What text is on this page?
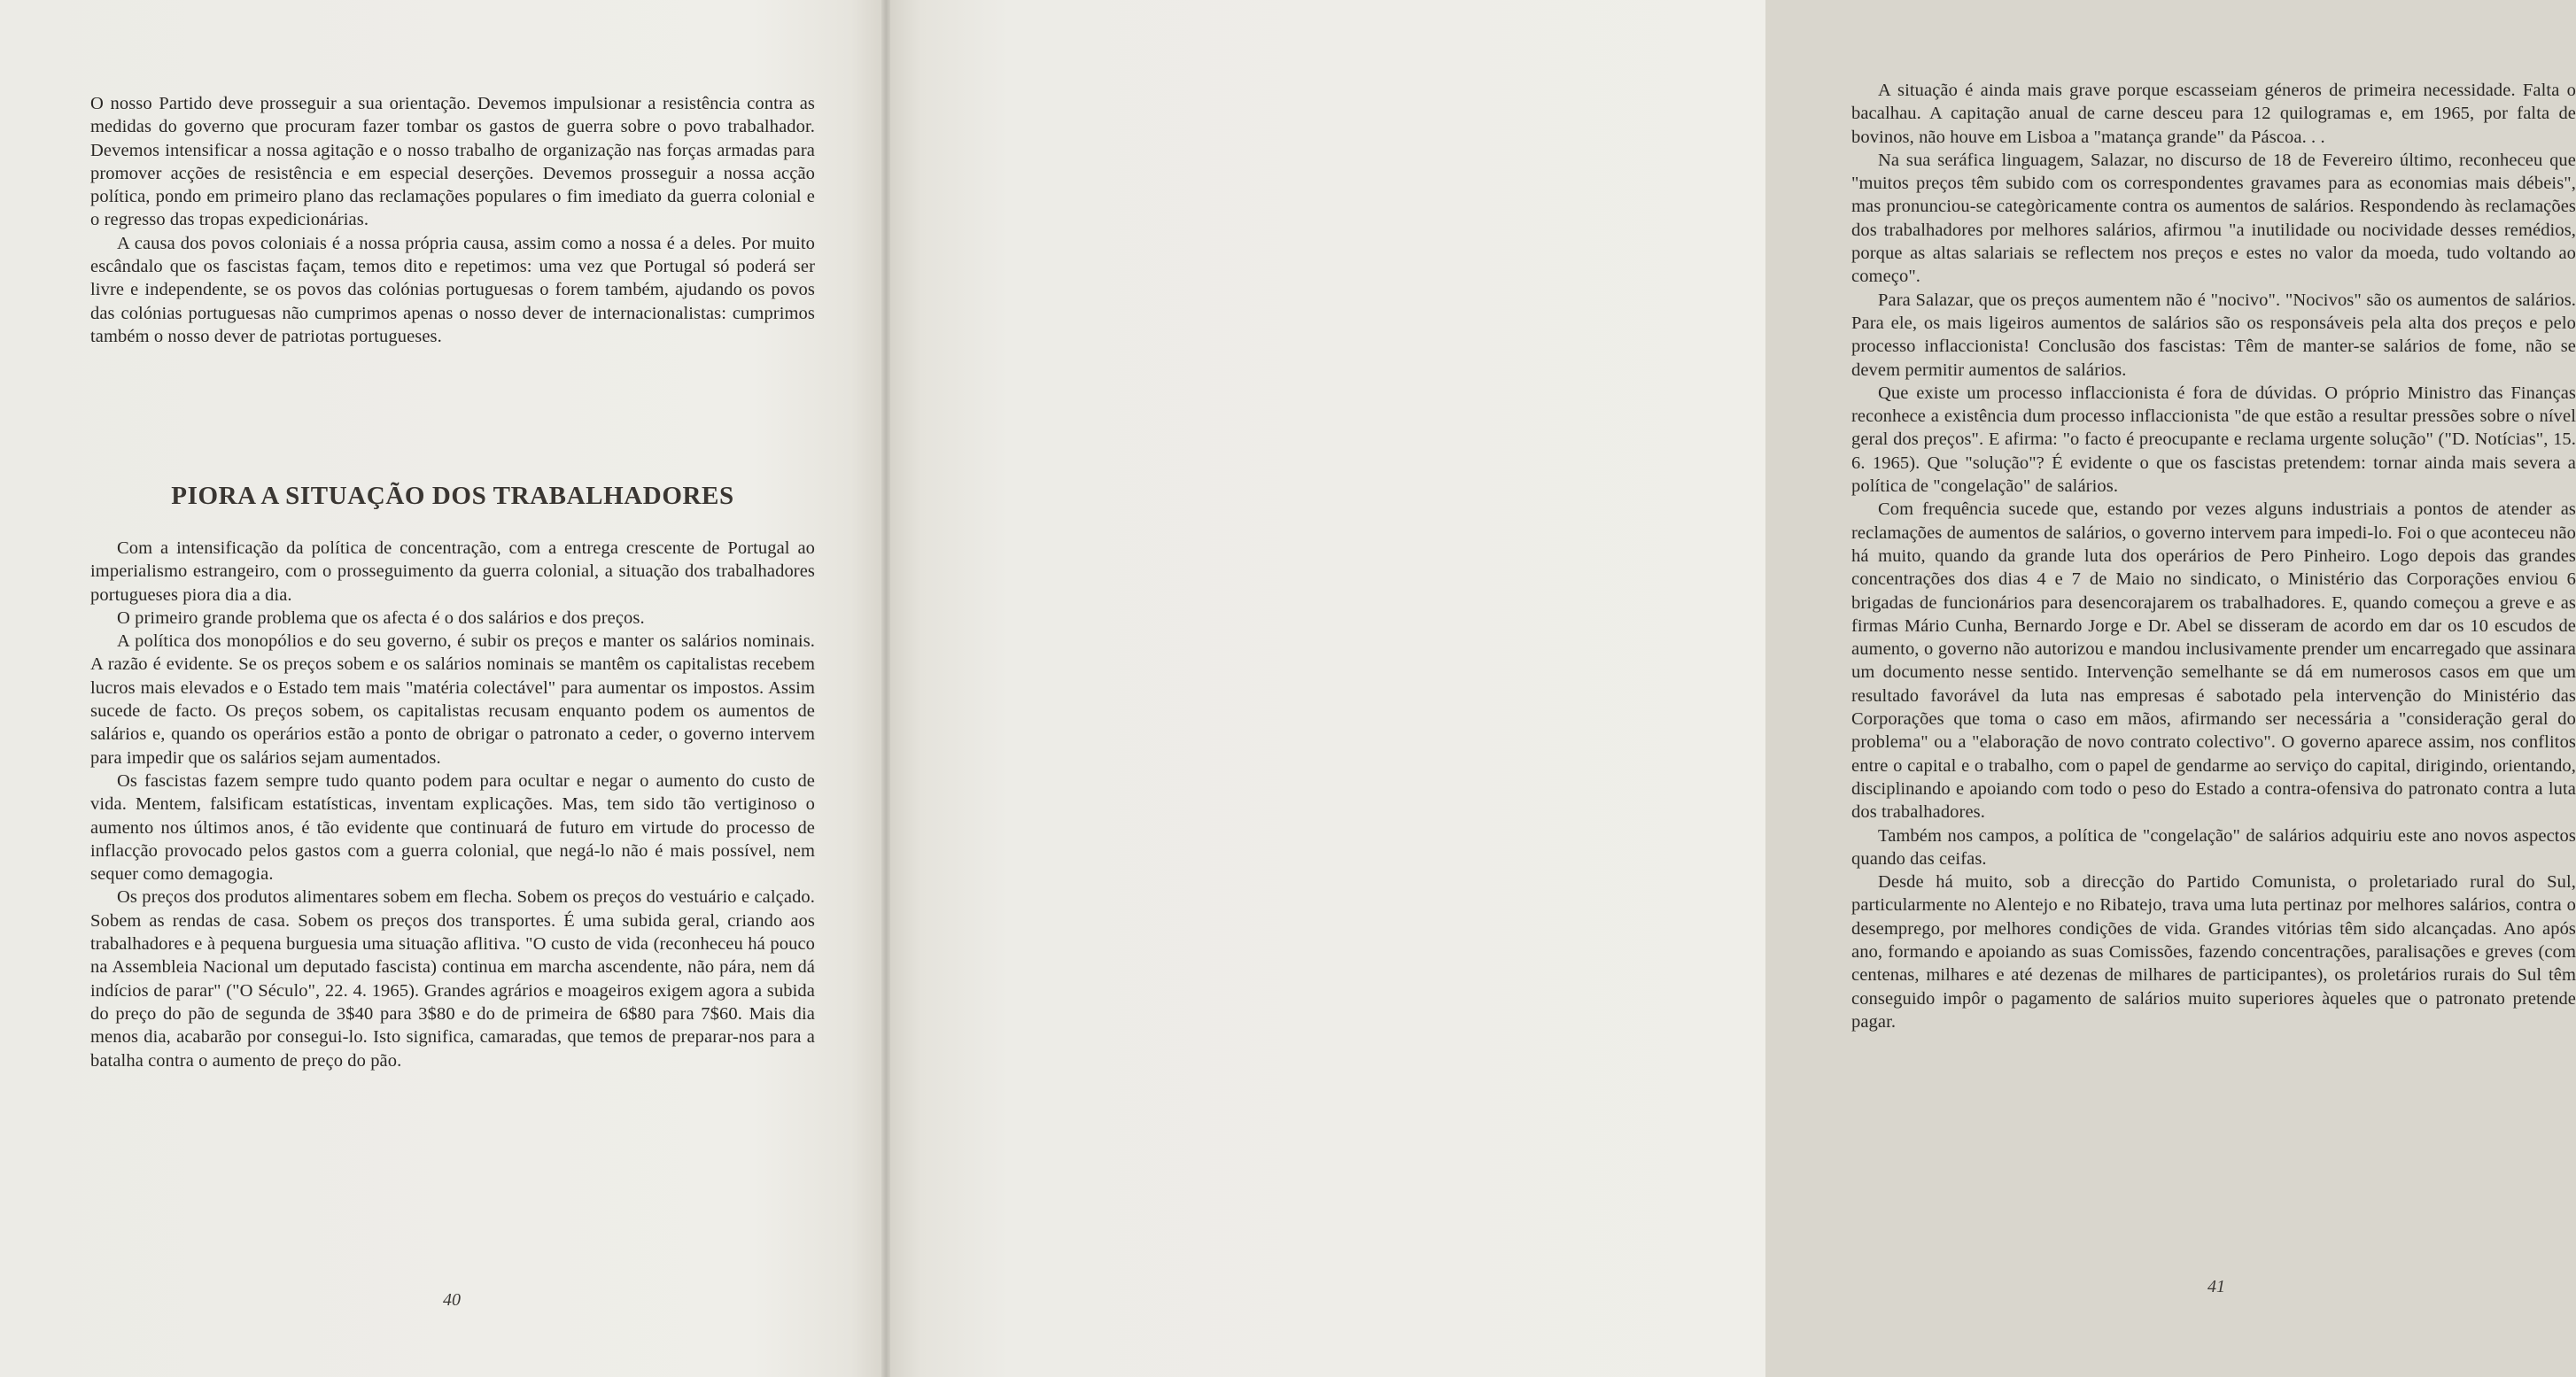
O nosso Partido deve prosseguir a sua orientação. Devemos impulsionar a resistência contra as medidas do governo que procuram fazer tombar os gastos de guerra sobre o povo trabalhador. Devemos intensificar a nossa agitação e o nosso trabalho de organização nas forças armadas para promover acções de resistência e em especial deserções. Devemos prosseguir a nossa acção política, pondo em primeiro plano das reclamações populares o fim imediato da guerra colonial e o regresso das tropas expedicionárias.

A causa dos povos coloniais é a nossa própria causa, assim como a nossa é a deles. Por muito escândalo que os fascistas façam, temos dito e repetimos: uma vez que Portugal só poderá ser livre e independente, se os povos das colónias portuguesas o forem também, ajudando os povos das colónias portuguesas não cumprimos apenas o nosso dever de internacionalistas: cumprimos também o nosso dever de patriotas portugueses.

PIORA A SITUAÇÃO DOS TRABALHADORES

Com a intensificação da política de concentração, com a entrega crescente de Portugal ao imperialismo estrangeiro, com o prosseguimento da guerra colonial, a situação dos trabalhadores portugueses piora dia a dia.

O primeiro grande problema que os afecta é o dos salários e dos preços.

A política dos monopólios e do seu governo, é subir os preços e manter os salários nominais. A razão é evidente. Se os preços sobem e os salários nominais se mantêm os capitalistas recebem lucros mais elevados e o Estado tem mais "matéria colectável" para aumentar os impostos. Assim sucede de facto. Os preços sobem, os capitalistas recusam enquanto podem os aumentos de salários e, quando os operários estão a ponto de obrigar o patronato a ceder, o governo intervem para impedir que os salários sejam aumentados.

Os fascistas fazem sempre tudo quanto podem para ocultar e negar o aumento do custo de vida. Mentem, falsificam estatísticas, inventam explicações. Mas, tem sido tão vertiginoso o aumento nos últimos anos, é tão evidente que continuará de futuro em virtude do processo de inflacção provocado pelos gastos com a guerra colonial, que negá-lo não é mais possível, nem sequer como demagogia.

Os preços dos produtos alimentares sobem em flecha. Sobem os preços do vestuário e calçado. Sobem as rendas de casa. Sobem os preços dos transportes. É uma subida geral, criando aos trabalhadores e à pequena burguesia uma situação aflitiva. "O custo de vida (reconheceu há pouco na Assembleia Nacional um deputado fascista) continua em marcha ascendente, não pára, nem dá indícios de parar" ("O Século", 22. 4. 1965). Grandes agrários e moageiros exigem agora a subida do preço do pão de segunda de 3$40 para 3$80 e do de primeira de 6$80 para 7$60. Mais dia menos dia, acabarão por consegui-lo. Isto significa, camaradas, que temos de preparar-nos para a batalha contra o aumento de preço do pão.

40

A situação é ainda mais grave porque escasseiam géneros de primeira necessidade. Falta o bacalhau. A capitação anual de carne desceu para 12 quilogramas e, em 1965, por falta de bovinos, não houve em Lisboa a "matança grande" da Páscoa. . .

Na sua seráfica linguagem, Salazar, no discurso de 18 de Fevereiro último, reconheceu que "muitos preços têm subido com os correspondentes gravames para as economias mais débeis", mas pronunciou-se categòricamente contra os aumentos de salários. Respondendo às reclamações dos trabalhadores por melhores salários, afirmou "a inutilidade ou nocividade desses remédios, porque as altas salariais se reflectem nos preços e estes no valor da moeda, tudo voltando ao começo".

Para Salazar, que os preços aumentem não é "nocivo". "Nocivos" são os aumentos de salários. Para ele, os mais ligeiros aumentos de salários são os responsáveis pela alta dos preços e pelo processo inflaccionista! Conclusão dos fascistas: Têm de manter-se salários de fome, não se devem permitir aumentos de salários.

Que existe um processo inflaccionista é fora de dúvidas. O próprio Ministro das Finanças reconhece a existência dum processo inflaccionista "de que estão a resultar pressões sobre o nível geral dos preços". E afirma: "o facto é preocupante e reclama urgente solução" ("D. Notícias", 15. 6. 1965). Que "solução"? É evidente o que os fascistas pretendem: tornar ainda mais severa a política de "congelação" de salários.

Com frequência sucede que, estando por vezes alguns industriais a pontos de atender as reclamações de aumentos de salários, o governo intervem para impedi-lo. Foi o que aconteceu não há muito, quando da grande luta dos operários de Pero Pinheiro. Logo depois das grandes concentrações dos dias 4 e 7 de Maio no sindicato, o Ministério das Corporações enviou 6 brigadas de funcionários para desencorajarem os trabalhadores. E, quando começou a greve e as firmas Mário Cunha, Bernardo Jorge e Dr. Abel se disseram de acordo em dar os 10 escudos de aumento, o governo não autorizou e mandou inclusivamente prender um encarregado que assinara um documento nesse sentido. Intervenção semelhante se dá em numerosos casos em que um resultado favorável da luta nas empresas é sabotado pela intervenção do Ministério das Corporações que toma o caso em mãos, afirmando ser necessária a "consideração geral do problema" ou a "elaboração de novo contrato colectivo". O governo aparece assim, nos conflitos entre o capital e o trabalho, com o papel de gendarme ao serviço do capital, dirigindo, orientando, disciplinando e apoiando com todo o peso do Estado a contra-ofensiva do patronato contra a luta dos trabalhadores.

Também nos campos, a política de "congelação" de salários adquiriu este ano novos aspectos quando das ceifas.

Desde há muito, sob a direcção do Partido Comunista, o proletariado rural do Sul, particularmente no Alentejo e no Ribatejo, trava uma luta pertinaz por melhores salários, contra o desemprego, por melhores condições de vida. Grandes vitórias têm sido alcançadas. Ano após ano, formando e apoiando as suas Comissões, fazendo concentrações, paralisações e greves (com centenas, milhares e até dezenas de milhares de participantes), os proletários rurais do Sul têm conseguido impôr o pagamento de salários muito superiores àqueles que o patronato pretende pagar.

41
